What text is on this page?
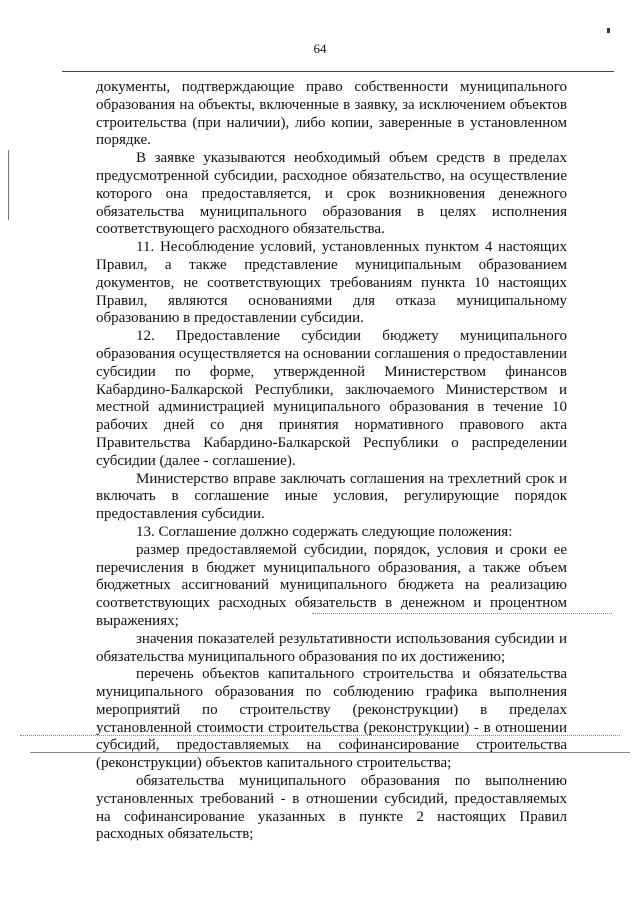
64

документы, подтверждающие право собственности муниципального образования на объекты, включенные в заявку, за исключением объектов строительства (при наличии), либо копии, заверенные в установленном порядке.

В заявке указываются необходимый объем средств в пределах предусмотренной субсидии, расходное обязательство, на осуществление которого она предоставляется, и срок возникновения денежного обязательства муниципального образования в целях исполнения соответствующего расходного обязательства.

11. Несоблюдение условий, установленных пунктом 4 настоящих Правил, а также представление муниципальным образованием документов, не соответствующих требованиям пункта 10 настоящих Правил, являются основаниями для отказа муниципальному образованию в предоставлении субсидии.

12. Предоставление субсидии бюджету муниципального образования осуществляется на основании соглашения о предоставлении субсидии по форме, утвержденной Министерством финансов Кабардино-Балкарской Республики, заключаемого Министерством и местной администрацией муниципального образования в течение 10 рабочих дней со дня принятия нормативного правового акта Правительства Кабардино-Балкарской Республики о распределении субсидии (далее - соглашение).

Министерство вправе заключать соглашения на трехлетний срок и включать в соглашение иные условия, регулирующие порядок предоставления субсидии.

13. Соглашение должно содержать следующие положения:

размер предоставляемой субсидии, порядок, условия и сроки ее перечисления в бюджет муниципального образования, а также объем бюджетных ассигнований муниципального бюджета на реализацию соответствующих расходных обязательств в денежном и процентном выражениях;

значения показателей результативности использования субсидии и обязательства муниципального образования по их достижению;

перечень объектов капитального строительства и обязательства муниципального образования по соблюдению графика выполнения мероприятий по строительству (реконструкции) в пределах установленной стоимости строительства (реконструкции) - в отношении субсидий, предоставляемых на софинансирование строительства (реконструкции) объектов капитального строительства;

обязательства муниципального образования по выполнению установленных требований - в отношении субсидий, предоставляемых на софинансирование указанных в пункте 2 настоящих Правил расходных обязательств;
